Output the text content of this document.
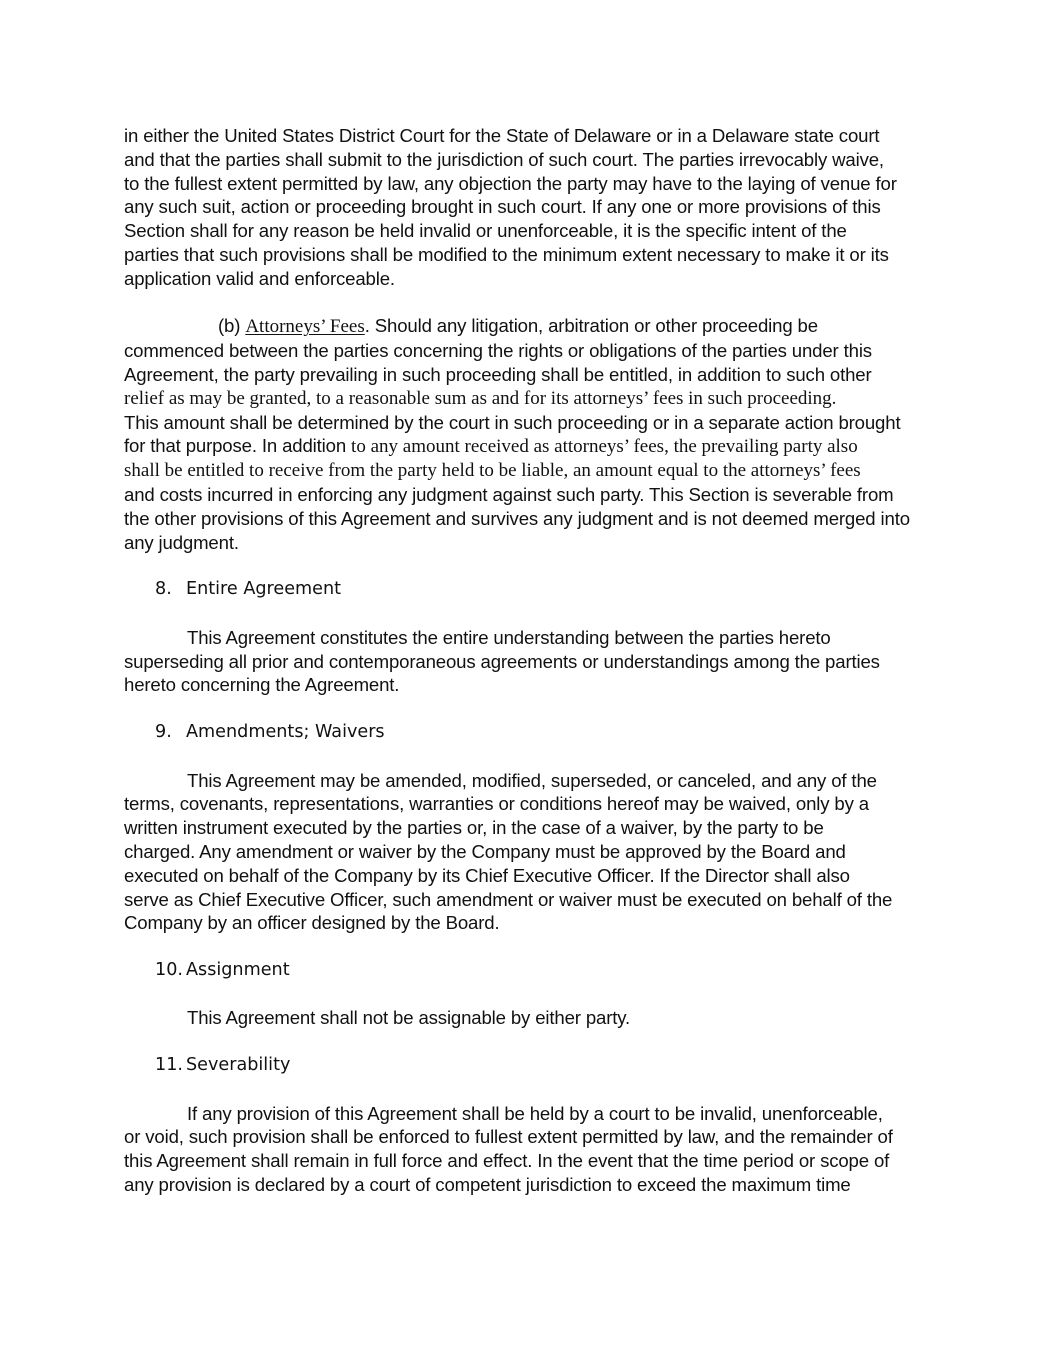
in either the United States District Court for the State of Delaware or in a Delaware state court
and that the parties shall submit to the jurisdiction of such court. The parties irrevocably waive,
to the fullest extent permitted by law, any objection the party may have to the laying of venue for
any such suit, action or proceeding brought in such court. If any one or more provisions of this
Section shall for any reason be held invalid or unenforceable, it is the specific intent of the
parties that such provisions shall be modified to the minimum extent necessary to make it or its
application valid and enforceable.

(b) Attorneys’ Fees. Should any litigation, arbitration or other proceeding be
commenced between the parties concerning the rights or obligations of the parties under this
Agreement, the party prevailing in such proceeding shall be entitled, in addition to such other
relief as may be granted, to a reasonable sum as and for its attorneys’ fees in such proceeding.
This amount shall be determined by the court in such proceeding or in a separate action brought
for that purpose. In addition to any amount received as attorneys’ fees, the prevailing party also
shall be entitled to receive from the party held to be liable, an amount equal to the attorneys’ fees
and costs incurred in enforcing any judgment against such party. This Section is severable from
the other provisions of this Agreement and survives any judgment and is not deemed merged into
any judgment.

8. Entire Agreement

This Agreement constitutes the entire understanding between the parties hereto
superseding all prior and contemporaneous agreements or understandings among the parties
hereto concerning the Agreement.

9. Amendments; Waivers

This Agreement may be amended, modified, superseded, or canceled, and any of the
terms, covenants, representations, warranties or conditions hereof may be waived, only by a
written instrument executed by the parties or, in the case of a waiver, by the party to be
charged. Any amendment or waiver by the Company must be approved by the Board and
executed on behalf of the Company by its Chief Executive Officer. If the Director shall also
serve as Chief Executive Officer, such amendment or waiver must be executed on behalf of the
Company by an officer designed by the Board.

10. Assignment

This Agreement shall not be assignable by either party.

11. Severability

If any provision of this Agreement shall be held by a court to be invalid, unenforceable,
or void, such provision shall be enforced to fullest extent permitted by law, and the remainder of
this Agreement shall remain in full force and effect. In the event that the time period or scope of
any provision is declared by a court of competent jurisdiction to exceed the maximum time
